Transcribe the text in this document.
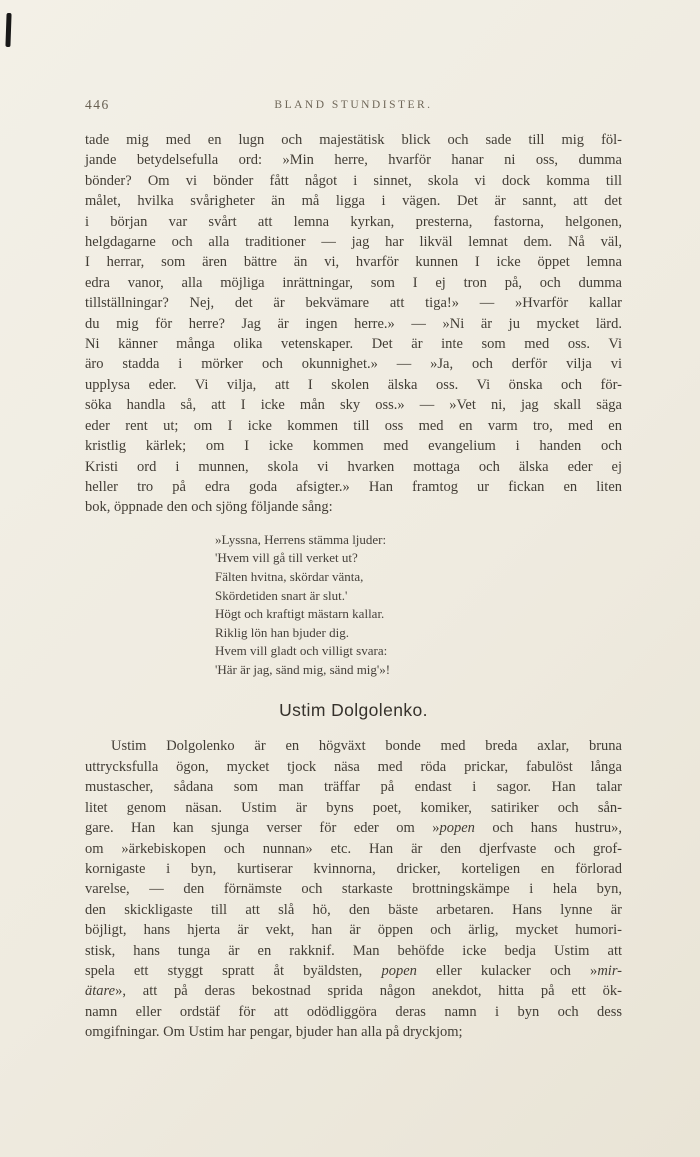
446	BLAND STUNDISTER.
tade mig med en lugn och majestätisk blick och sade till mig föl-
jande betydelsefulla ord: »Min herre, hvarför hanar ni oss, dumma
bönder? Om vi bönder fått något i sinnet, skola vi dock komma till
målet, hvilka svårigheter än må ligga i vägen. Det är sannt, att det
i början var svårt att lemna kyrkan, presterna, fastorna, helgonen,
helgdagarne och alla traditioner — jag har likväl lemnat dem. Nå väl,
I herrar, som ären bättre än vi, hvarför kunnen I icke öppet lemna
edra vanor, alla möjliga inrättningar, som I ej tron på, och dumma
tillställningar? Nej, det är bekvämare att tiga!» — »Hvarför kallar
du mig för herre? Jag är ingen herre.» — »Ni är ju mycket lärd.
Ni känner många olika vetenskaper. Det är inte som med oss. Vi
äro stadda i mörker och okunnighet.» — »Ja, och derför vilja vi
upplysa eder. Vi vilja, att I skolen älska oss. Vi önska och för-
söka handla så, att I icke mån sky oss.» — »Vet ni, jag skall säga
eder rent ut; om I icke kommen till oss med en varm tro, med en
kristlig kärlek; om I icke kommen med evangelium i handen och
Kristi ord i munnen, skola vi hvarken mottaga och älska eder ej
heller tro på edra goda afsigter.» Han framtog ur fickan en liten
bok, öppnade den och sjöng följande sång:
»Lyssna, Herrens stämma ljuder:
'Hvem vill gå till verket ut?
Fälten hvitna, skördar vänta,
Skördetiden snart är slut.'
Högt och kraftigt mästarn kallar.
Riklig lön han bjuder dig.
Hvem vill gladt och villigt svara:
'Här är jag, sänd mig, sänd mig'»!
Ustim Dolgolenko.
Ustim Dolgolenko är en högväxt bonde med breda axlar, bruna
uttrycksfulla ögon, mycket tjock näsa med röda prickar, fabulöst långa
mustascher, sådana som man träffar på endast i sagor. Han talar
litet genom näsan. Ustim är byns poet, komiker, satiriker och sån-
gare. Han kan sjunga verser för eder om »popen och hans hustru»,
om »ärkebiskopen och nunnan» etc. Han är den djerfvaste och grof-
kornigaste i byn, kurtiserar kvinnorna, dricker, korteligen en förlorad
varelse, — den förnämste och starkaste brottningskämpe i hela byn,
den skickligaste till att slå hö, den bäste arbetaren. Hans lynne är
böjligt, hans hjerta är vekt, han är öppen och ärlig, mycket humori-
stisk, hans tunga är en rakknif. Man behöfde icke bedja Ustim att
spela ett styggt spratt åt byäldsten, popen eller kulacker och »mir-
ätare», att på deras bekostnad sprida någon anekdot, hitta på ett ök-
namn eller ordstäf för att odödliggöra deras namn i byn och dess
omgifningar. Om Ustim har pengar, bjuder han alla på dryckjom;
